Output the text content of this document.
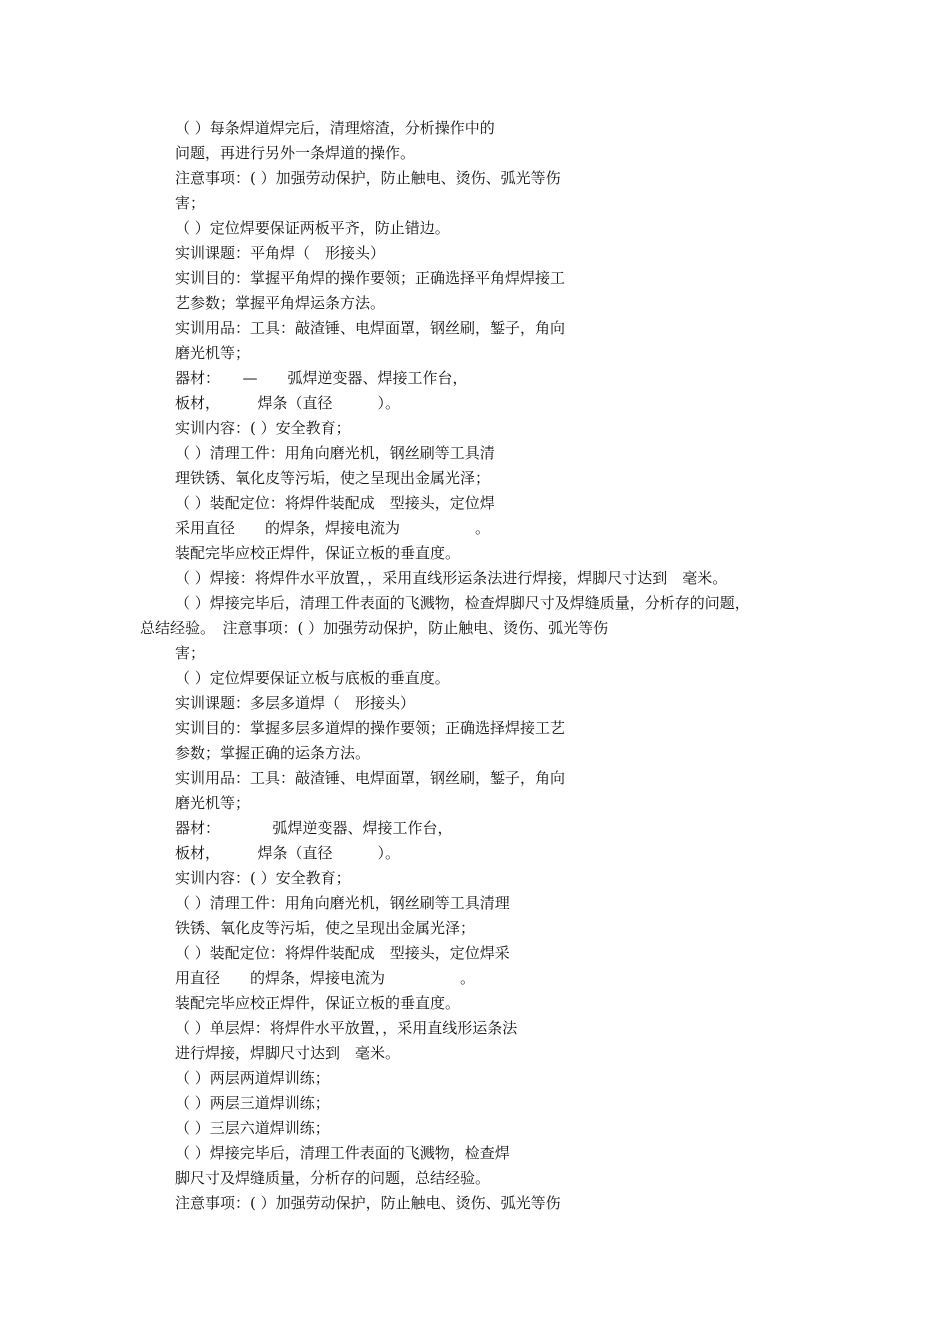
（ ）每条焊道焊完后，清理熔渣，分析操作中的
问题，再进行另外一条焊道的操作。
注意事项：( ）加强劳动保护，防止触电、烫伤、弧光等伤
害；
（ ）定位焊要保证两板平齐，防止错边。
实训课题：平角焊（　形接头）
实训目的：掌握平角焊的操作要领；正确选择平角焊焊接工
艺参数；掌握平角焊运条方法。
实训用品：工具：敲渣锤、电焊面罩，钢丝刷，錾子，角向
磨光机等；
器材：　　—　　弧焊逆变器、焊接工作台，
板材，　　　焊条（直径　　　）。
实训内容：( ）安全教育；
（ ）清理工件：用角向磨光机，钢丝刷等工具清
理铁锈、氧化皮等污垢，使之呈现出金属光泽；
（ ）装配定位：将焊件装配成　型接头，定位焊
采用直径　　的焊条，焊接电流为　　　　　。
装配完毕应校正焊件，保证立板的垂直度。
（ ）焊接：将焊件水平放置，，采用直线形运条法进行焊接，焊脚尺寸达到　毫米。
（ ）焊接完毕后，清理工件表面的飞溅物，检查焊脚尺寸及焊缝质量，分析存的问题，
总结经验。　注意事项：( ）加强劳动保护，防止触电、烫伤、弧光等伤
害；
（ ）定位焊要保证立板与底板的垂直度。
实训课题：多层多道焊（　形接头）
实训目的：掌握多层多道焊的操作要领；正确选择焊接工艺
参数；掌握正确的运条方法。
实训用品：工具：敲渣锤、电焊面罩，钢丝刷，錾子，角向
磨光机等；
器材：　　　　弧焊逆变器、焊接工作台，
板材，　　　焊条（直径　　　）。
实训内容：( ）安全教育；
（ ）清理工件：用角向磨光机，钢丝刷等工具清理
铁锈、氧化皮等污垢，使之呈现出金属光泽；
（ ）装配定位：将焊件装配成　型接头，定位焊采
用直径　　的焊条，焊接电流为　　　　　。
装配完毕应校正焊件，保证立板的垂直度。
（ ）单层焊：将焊件水平放置，，采用直线形运条法
进行焊接，焊脚尺寸达到　毫米。
（ ）两层两道焊训练；
（ ）两层三道焊训练；
（ ）三层六道焊训练；
（ ）焊接完毕后，清理工件表面的飞溅物，检查焊
脚尺寸及焊缝质量，分析存的问题，总结经验。
注意事项：( ）加强劳动保护，防止触电、烫伤、弧光等伤
